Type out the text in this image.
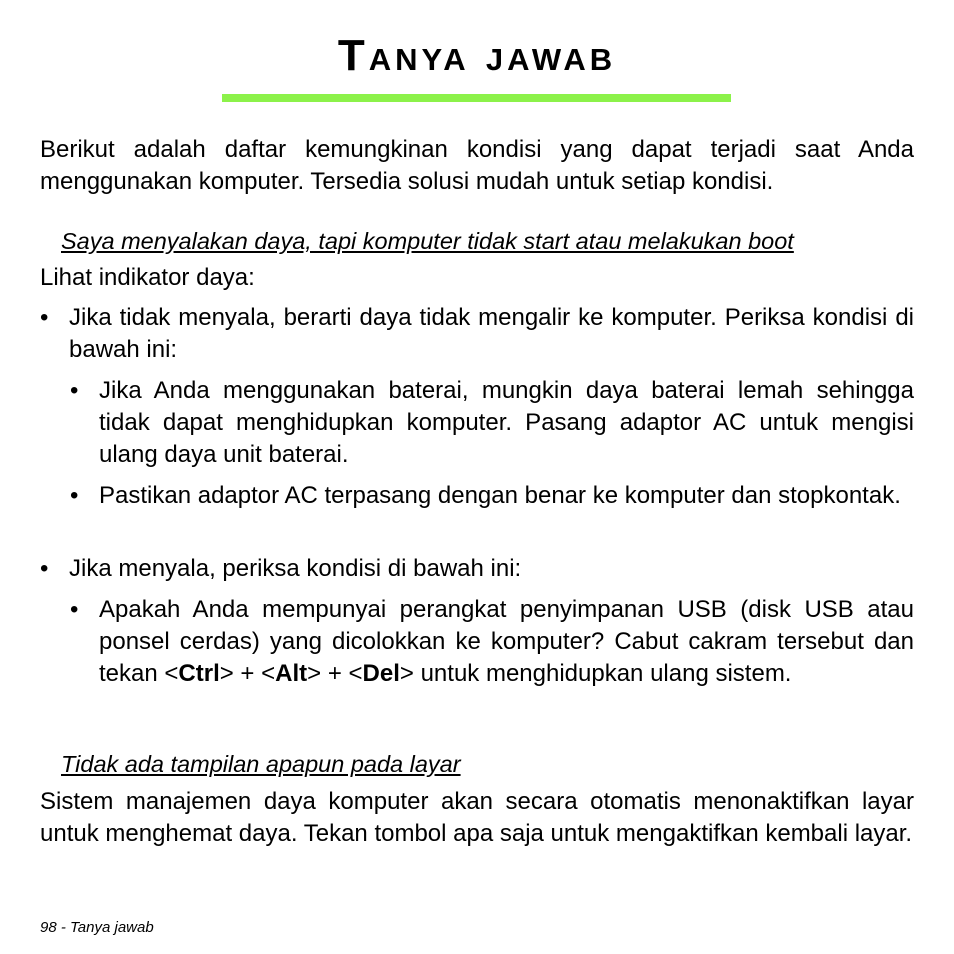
Tanya jawab
Berikut adalah daftar kemungkinan kondisi yang dapat terjadi saat Anda menggunakan komputer. Tersedia solusi mudah untuk setiap kondisi.
Saya menyalakan daya, tapi komputer tidak start atau melakukan boot
Lihat indikator daya:
• Jika tidak menyala, berarti daya tidak mengalir ke komputer. Periksa kondisi di bawah ini:
• Jika Anda menggunakan baterai, mungkin daya baterai lemah sehingga tidak dapat menghidupkan komputer. Pasang adaptor AC untuk mengisi ulang daya unit baterai.
• Pastikan adaptor AC terpasang dengan benar ke komputer dan stopkontak.
• Jika menyala, periksa kondisi di bawah ini:
• Apakah Anda mempunyai perangkat penyimpanan USB (disk USB atau ponsel cerdas) yang dicolokkan ke komputer? Cabut cakram tersebut dan tekan <Ctrl> + <Alt> + <Del> untuk menghidupkan ulang sistem.
Tidak ada tampilan apapun pada layar
Sistem manajemen daya komputer akan secara otomatis menonaktifkan layar untuk menghemat daya. Tekan tombol apa saja untuk mengaktifkan kembali layar.
98 - Tanya jawab
